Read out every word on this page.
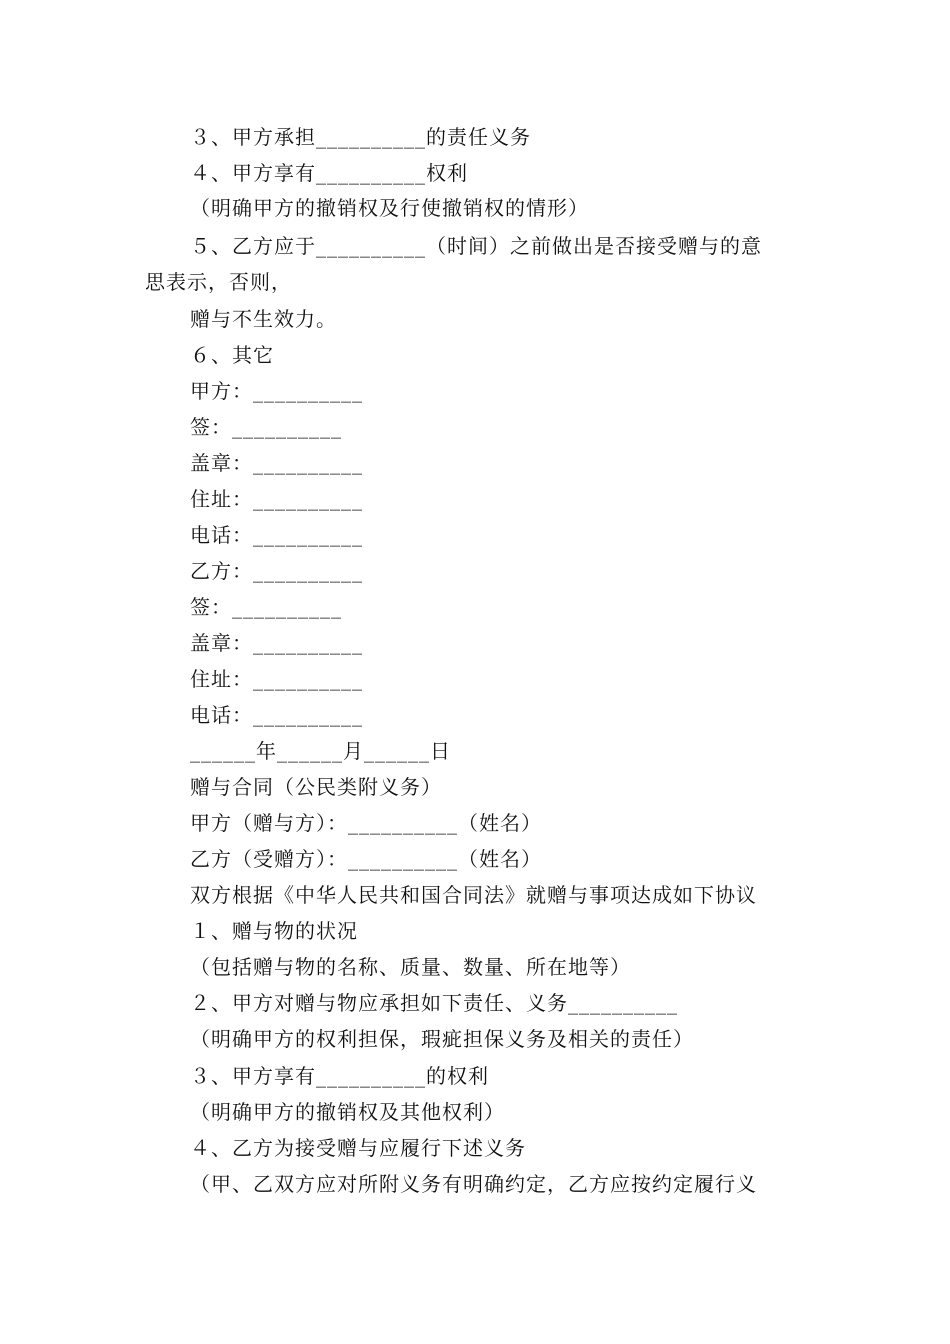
３、甲方承担__________的责任义务

４、甲方享有__________权利

（明确甲方的撤销权及行使撤销权的情形）

５、乙方应于__________（时间）之前做出是否接受赠与的意

思表示，否则，

赠与不生效力。

６、其它

甲方：__________

签：__________

盖章：__________

住址：__________

电话：__________

乙方：__________

签：__________

盖章：__________

住址：__________

电话：__________

______年______月______日

赠与合同（公民类附义务）

甲方（赠与方）：__________（姓名）

乙方（受赠方）：__________（姓名）

双方根据《中华人民共和国合同法》就赠与事项达成如下协议

１、赠与物的状况

（包括赠与物的名称、质量、数量、所在地等）

２、甲方对赠与物应承担如下责任、义务__________

（明确甲方的权利担保，瑕疵担保义务及相关的责任）

３、甲方享有__________的权利

（明确甲方的撤销权及其他权利）

４、乙方为接受赠与应履行下述义务

（甲、乙双方应对所附义务有明确约定，乙方应按约定履行义
